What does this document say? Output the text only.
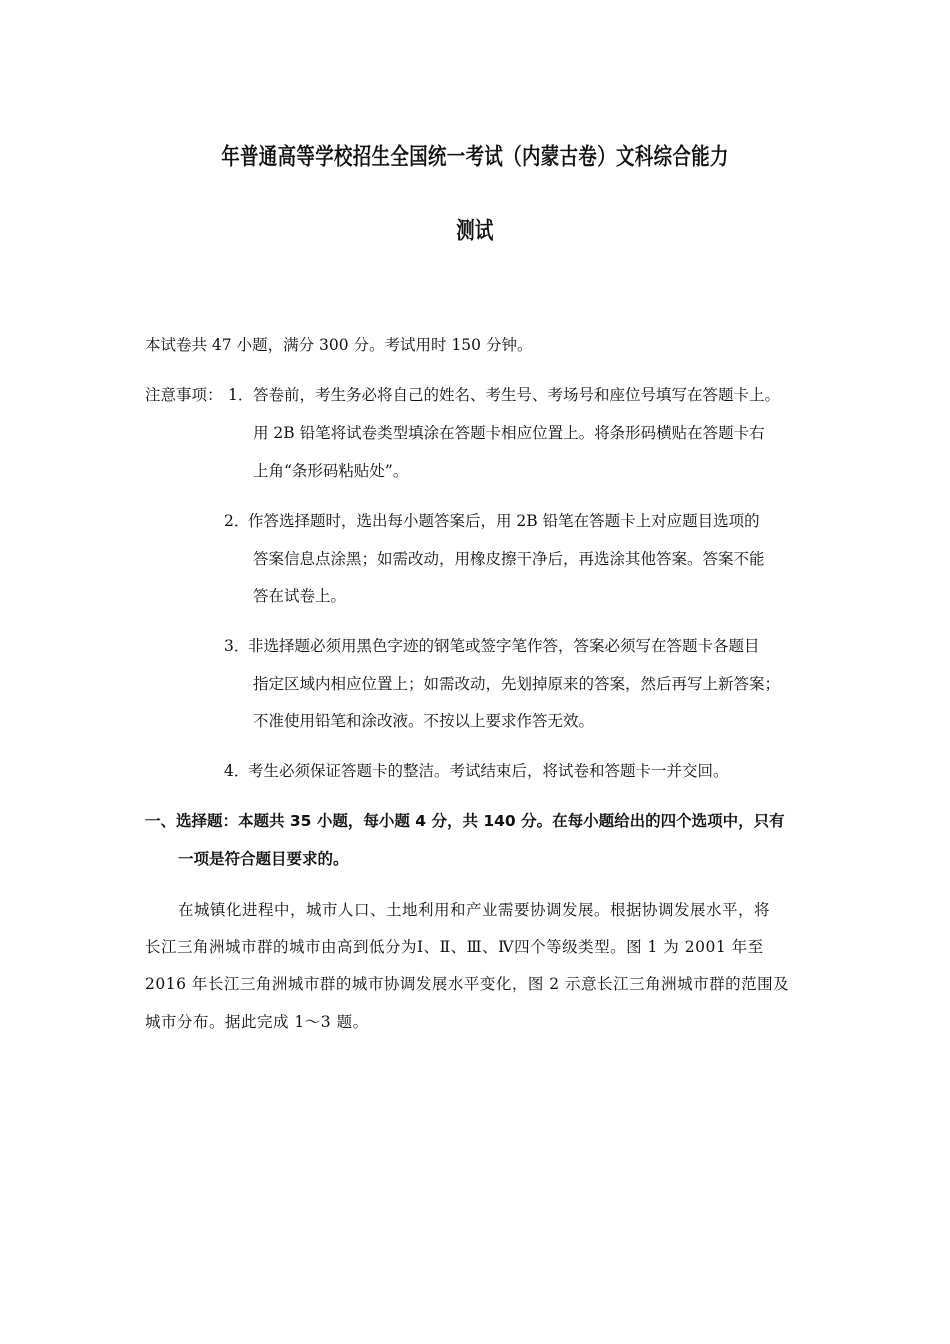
年普通高等学校招生全国统一考试（内蒙古卷）文科综合能力
测试
本试卷共 47 小题，满分 300 分。考试用时 150 分钟。
注意事项： 1． 答卷前，考生务必将自己的姓名、考生号、考场号和座位号填写在答题卡上。
用 2B 铅笔将试卷类型填涂在答题卡相应位置上。将条形码横贴在答题卡右
上角“条形码粘贴处”。
2．
作答选择题时，选出每小题答案后，用 2B 铅笔在答题卡上对应题目选项的
答案信息点涂黑；如需改动，用橡皮擦干净后，再选涂其他答案。答案不能
答在试卷上。
3．
非选择题必须用黑色字迹的钢笔或签字笔作答，答案必须写在答题卡各题目
指定区域内相应位置上；如需改动，先划掉原来的答案，然后再写上新答案；
不准使用铅笔和涂改液。不按以上要求作答无效。
4．
考生必须保证答题卡的整洁。考试结束后，将试卷和答题卡一并交回。
一、选择题：本题共 35 小题，每小题 4 分，共 140 分。在每小题给出的四个选项中，只有
一项是符合题目要求的。
在城镇化进程中，城市人口、土地利用和产业需要协调发展。根据协调发展水平，将
长江三角洲城市群的城市由高到低分为Ⅰ、Ⅱ、Ⅲ、Ⅳ四个等级类型。图 1 为 2001 年至
2016 年长江三角洲城市群的城市协调发展水平变化，图 2 示意长江三角洲城市群的范围及
城市分布。据此完成 1～3 题。
